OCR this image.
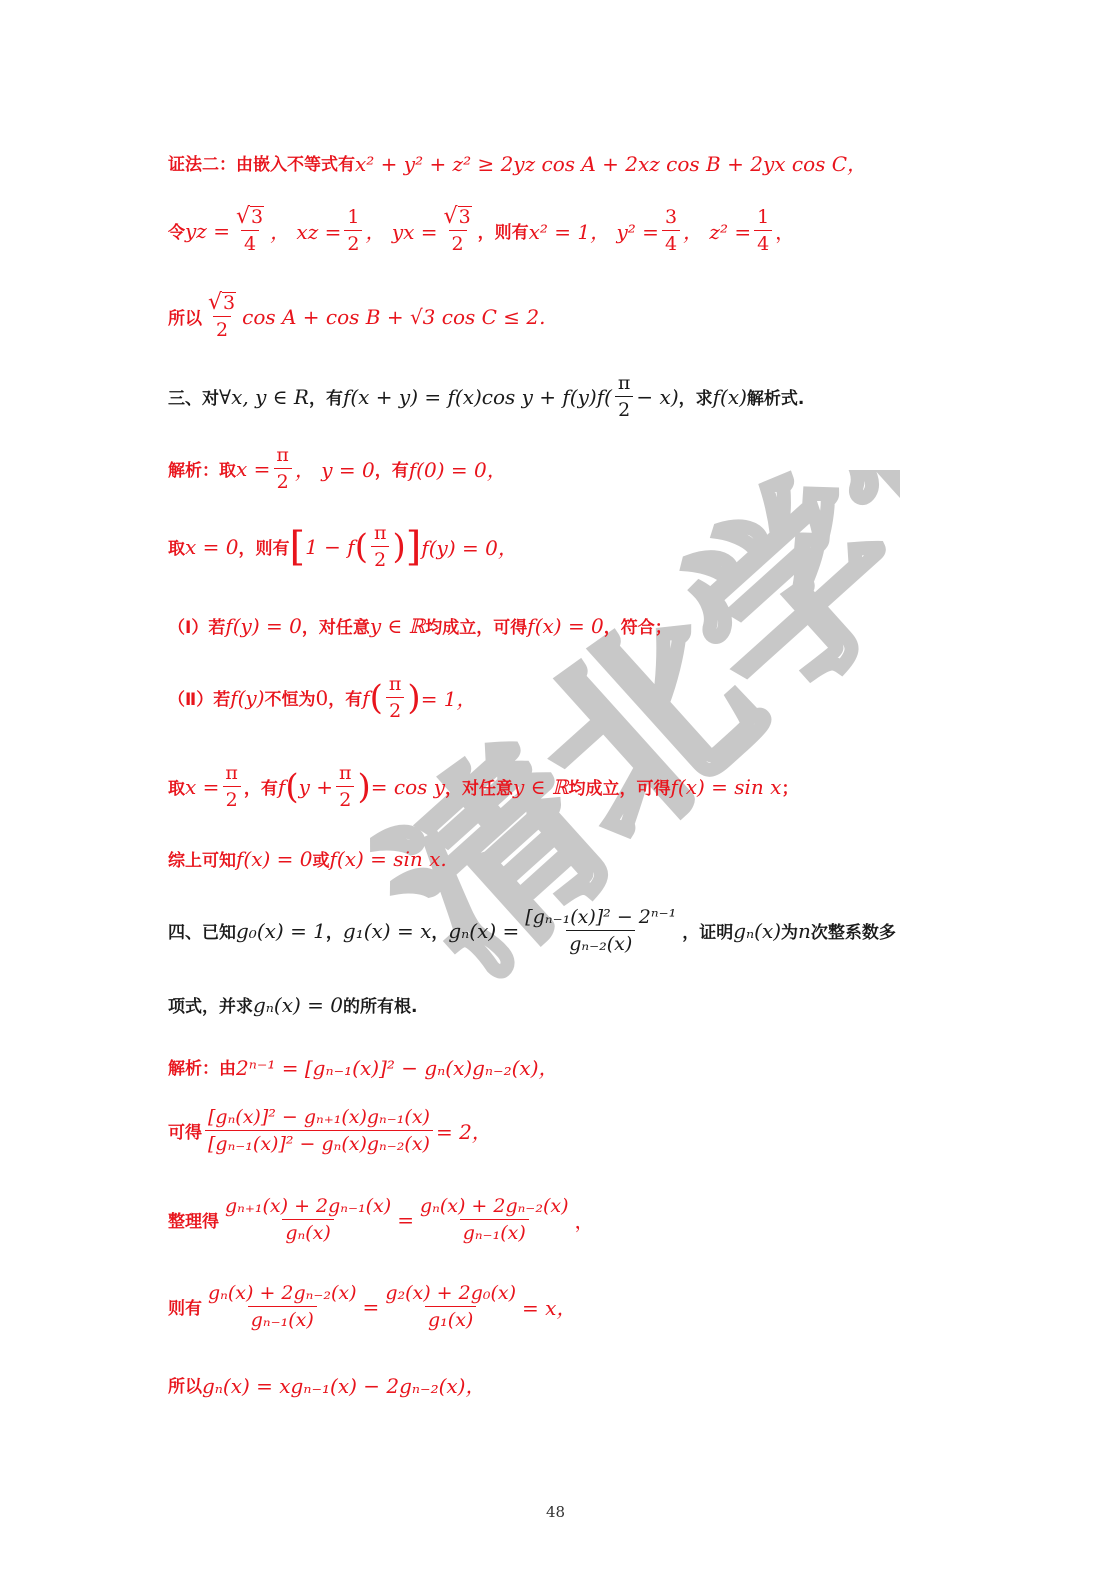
清北学堂
证法二：由嵌入不等式有 x² + y² + z² ≥ 2yz cos A + 2xz cos B + 2yx cos C，
令 yz = $\frac{√ 3}{4}$ ， xz = $\frac{1}{2}$ ， yx = $\frac{√ 3}{2}$ ，则有 x² = 1， $y^2 = \frac{3}{4}$ ， $z^2 = \frac{1}{4}$ ，
所以 $\frac{√ 3}{2}$ cos A + cos B + √3 cos C ≤ 2.
三、对 ∀x, y ∈ R ，有 f(x + y) = f(x)cos $y + f(y)f( \frac{\pi}{2} - x)$ ，求 f(x) 解析式.
解析：取 $x = \frac{\pi}{2}$ ， y = 0 ，有 f(0) = 0，
取 x = 0 ，则有 [ 1 − f ( $\frac{\pi}{2}$ ) ] f(y) = 0，
（Ⅰ）若 f(y) = 0 ，对任意 y ∈ ℝ 均成立，可得 f(x) = 0 ，符合；
（Ⅱ）若 f(y) 不恒为 0 ，有 f ( $\frac{\pi}{2}$ ) = 1，
取 $x = \frac{\pi}{2}$ ，有 f ( $y + \frac{\pi}{2}$ ) = cos y ，对任意 y ∈ ℝ 均成立，可得 f(x) = sin x ；
综上可知 f(x) = 0 或 f(x) = sin x.
四、已知 g₀(x) = 1 ， g₁(x) = x ， $g_n(x) = \frac{\text{[gₙ₋₁(x)]² − 2ⁿ⁻¹}}{\text{gₙ₋₂(x)}}$ ，证明 gₙ(x) 为 n 次整系数多
项式，并求 gₙ(x) = 0 的所有根.
解析：由 2ⁿ⁻¹ = [gₙ₋₁(x)]² − gₙ(x)gₙ₋₂(x)，
可得 $\frac{\text{[gₙ(x)]² − gₙ₊₁(x)gₙ₋₁(x)}}{\text{[gₙ₋₁(x)]² − gₙ(x)gₙ₋₂(x)}} = 2$，
整理得 $\frac{\text{gₙ₊₁(x) + 2gₙ₋₁(x)}}{\text{gₙ(x)}} = \frac{\text{gₙ(x) + 2gₙ₋₂(x)}}{\text{gₙ₋₁(x)}}$ ，
则有 $\frac{\text{gₙ(x) + 2gₙ₋₂(x)}}{\text{gₙ₋₁(x)}} = \frac{\text{g₂(x) + 2g₀(x)}}{\text{g₁(x)}} = x$，
所以 gₙ(x) = xgₙ₋₁(x) − 2gₙ₋₂(x)，
48
